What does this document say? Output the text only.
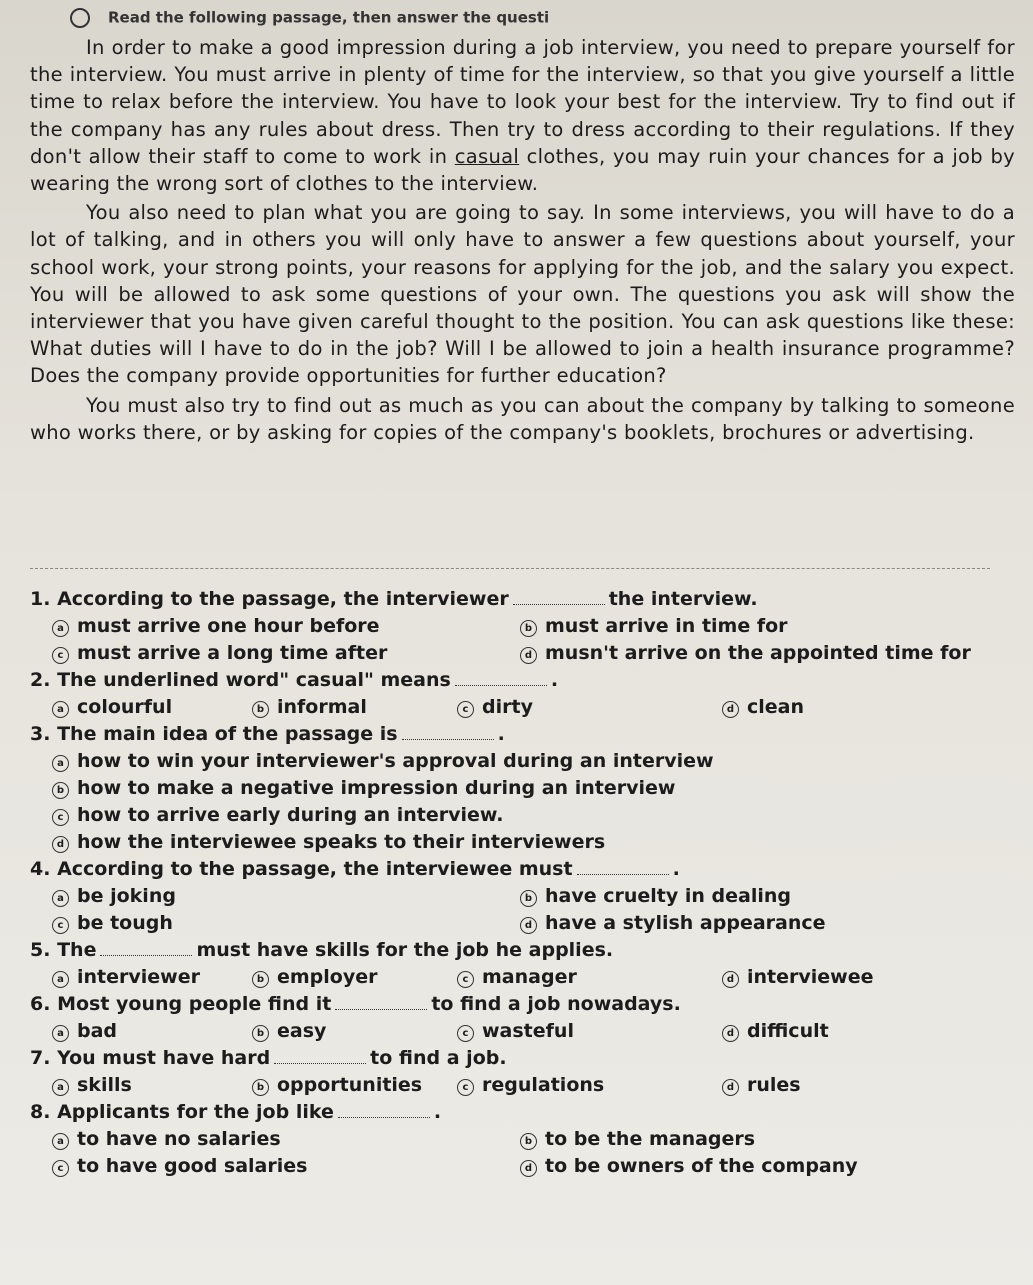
Read the following passage, then answer the questi

In order to make a good impression during a job interview, you need to prepare yourself for the interview. You must arrive in plenty of time for the interview, so that you give yourself a little time to relax before the interview. You have to look your best for the interview. Try to find out if the company has any rules about dress. Then try to dress according to their regulations. If they don't allow their staff to come to work in casual clothes, you may ruin your chances for a job by wearing the wrong sort of clothes to the interview.

You also need to plan what you are going to say. In some interviews, you will have to do a lot of talking, and in others you will only have to answer a few questions about yourself, your school work, your strong points, your reasons for applying for the job, and the salary you expect. You will be allowed to ask some questions of your own. The questions you ask will show the interviewer that you have given careful thought to the position. You can ask questions like these: What duties will I have to do in the job? Will I be allowed to join a health insurance programme? Does the company provide opportunities for further education?

You must also try to find out as much as you can about the company by talking to someone who works there, or by asking for copies of the company's booklets, brochures or advertising.

1. According to the passage, the interviewer	the interview.
a must arrive one hour before	b must arrive in time for
c must arrive a long time after	d musn't arrive on the appointed time for
2. The underlined word" casual" means	.
a colourful	b informal	c dirty	d clean
3. The main idea of the passage is	.
a how to win your interviewer's approval during an interview
b how to make a negative impression during an interview
c how to arrive early during an interview.
d how the interviewee speaks to their interviewers
4. According to the passage, the interviewee must	.
a be joking	b have cruelty in dealing
c be tough	d have a stylish appearance
5. The	must have skills for the job he applies.
a interviewer	b employer	c manager	d interviewee
6. Most young people find it	to find a job nowadays.
a bad	b easy	c wasteful	d difficult
7. You must have hard	to find a job.
a skills	b opportunities	c regulations	d rules
8. Applicants for the job like	.
a to have no salaries	b to be the managers
c to have good salaries	d to be owners of the company
